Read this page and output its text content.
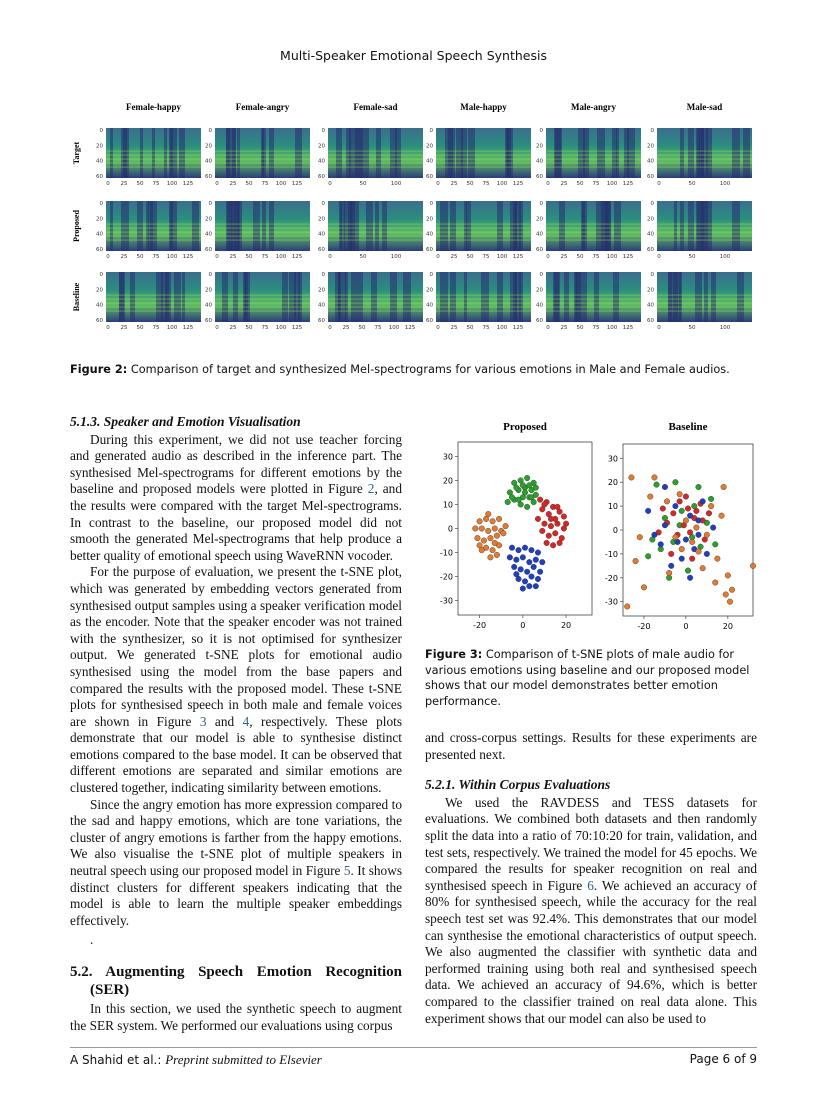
Multi-Speaker Emotional Speech Synthesis
Female-happy	Female-angry	Female-sad	Male-happy	Male-angry	Male-sad
Target
Proposed
Baseline
0
20
40
60
0 25 50 75 100 125
0
20
40
60
0 25 50 75 100 125
0
20
40
60
0	50	100
0
20
40
60
0 25 50 75 100 125
0
20
40
60
0 25 50 75 100 125
0
20
40
60
0	50	100
0
20
40
60
0 25 50 75 100 125
0
20
40
60
0 25 50 75 100 125
0
20
40
60
0	50	100
0
20
40
60
0 25 50 75 100 125
0
20
40
60
0 25 50 75 100 125
0
20
40
60
0	50	100
0
20
40
60
0 25 50 75 100 125
0
20
40
60
0 25 50 75 100 125
0
20
40
60
0 25 50 75 100 125
0
20
40
60
0 25 50 75 100 125
0
20
40
60
0 25 50 75 100 125
0
20
40
60
0	50	100
Figure 2: Comparison of target and synthesized Mel-spectrograms for various emotions in Male and Female audios.
5.1.3. Speaker and Emotion Visualisation

During this experiment, we did not use teacher forcing and generated audio as described in the inference part. The synthesised Mel-spectrograms for different emotions by the baseline and proposed models were plotted in Figure 2, and the results were compared with the target Mel-spectrograms. In contrast to the baseline, our proposed model did not smooth the generated Mel-spectrograms that help produce a better quality of emotional speech using WaveRNN vocoder.

For the purpose of evaluation, we present the t-SNE plot, which was generated by embedding vectors generated from synthesised output samples using a speaker verification model as the encoder. Note that the speaker encoder was not trained with the synthesizer, so it is not optimised for synthesizer output. We generated t-SNE plots for emotional audio synthesised using the model from the base papers and compared the results with the proposed model. These t-SNE plots for synthesised speech in both male and female voices are shown in Figure 3 and 4, respectively. These plots demonstrate that our model is able to synthesise distinct emotions compared to the base model. It can be observed that different emotions are separated and similar emotions are clustered together, indicating similarity between emotions.

Since the angry emotion has more expression compared to the sad and happy emotions, which are tone variations, the cluster of angry emotions is farther from the happy emotions. We also visualise the t-SNE plot of multiple speakers in neutral speech using our proposed model in Figure 5. It shows distinct clusters for different speakers indicating that the model is able to learn the multiple speaker embeddings effectively.

.
5.2. Augmenting Speech Emotion Recognition (SER)

In this section, we used the synthetic speech to augment the SER system. We performed our evaluations using corpus

Proposed
30
20
10
0
-10
-20
-30
-20	0	20
Baseline
30
20
10
0
-10
-20
-30
-20	0	20
Figure 3: Comparison of t-SNE plots of male audio for various emotions using baseline and our proposed model shows that our model demonstrates better emotion performance.
and cross-corpus settings. Results for these experiments are presented next.
5.2.1. Within Corpus Evaluations

We used the RAVDESS and TESS datasets for evaluations. We combined both datasets and then randomly split the data into a ratio of 70:10:20 for train, validation, and test sets, respectively. We trained the model for 45 epochs. We compared the results for speaker recognition on real and synthesised speech in Figure 6. We achieved an accuracy of 80% for synthesised speech, while the accuracy for the real speech test set was 92.4%. This demonstrates that our model can synthesise the emotional characteristics of output speech. We also augmented the classifier with synthetic data and performed training using both real and synthesised speech data. We achieved an accuracy of 94.6%, which is better compared to the classifier trained on real data alone. This experiment shows that our model can also be used to

A Shahid et al.: Preprint submitted to Elsevier	Page 6 of 9
